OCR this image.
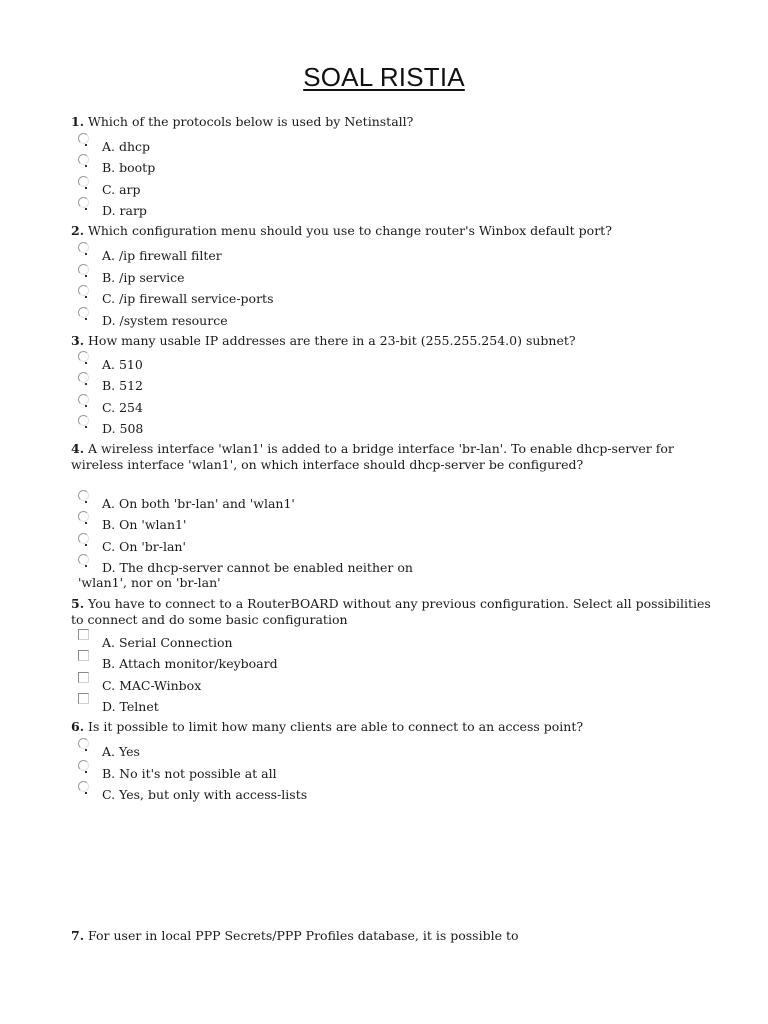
SOAL RISTIA
1. Which of the protocols below is used by Netinstall?
A. dhcp
B. bootp
C. arp
D. rarp
2. Which configuration menu should you use to change router's Winbox default port?
A. /ip firewall filter
B. /ip service
C. /ip firewall service-ports
D. /system resource
3. How many usable IP addresses are there in a 23-bit (255.255.254.0) subnet?
A. 510
B. 512
C. 254
D. 508
4. A wireless interface 'wlan1' is added to a bridge interface 'br-lan'. To enable dhcp-server for wireless interface 'wlan1', on which interface should dhcp-server be configured?
A. On both 'br-lan' and 'wlan1'
B. On 'wlan1'
C. On 'br-lan'
D. The dhcp-server cannot be enabled neither on
'wlan1', nor on 'br-lan'
5. You have to connect to a RouterBOARD without any previous configuration. Select all possibilities to connect and do some basic configuration
A. Serial Connection
B. Attach monitor/keyboard
C. MAC-Winbox
D. Telnet
6. Is it possible to limit how many clients are able to connect to an access point?
A. Yes
B. No it's not possible at all
C. Yes, but only with access-lists
7. For user in local PPP Secrets/PPP Profiles database, it is possible to
